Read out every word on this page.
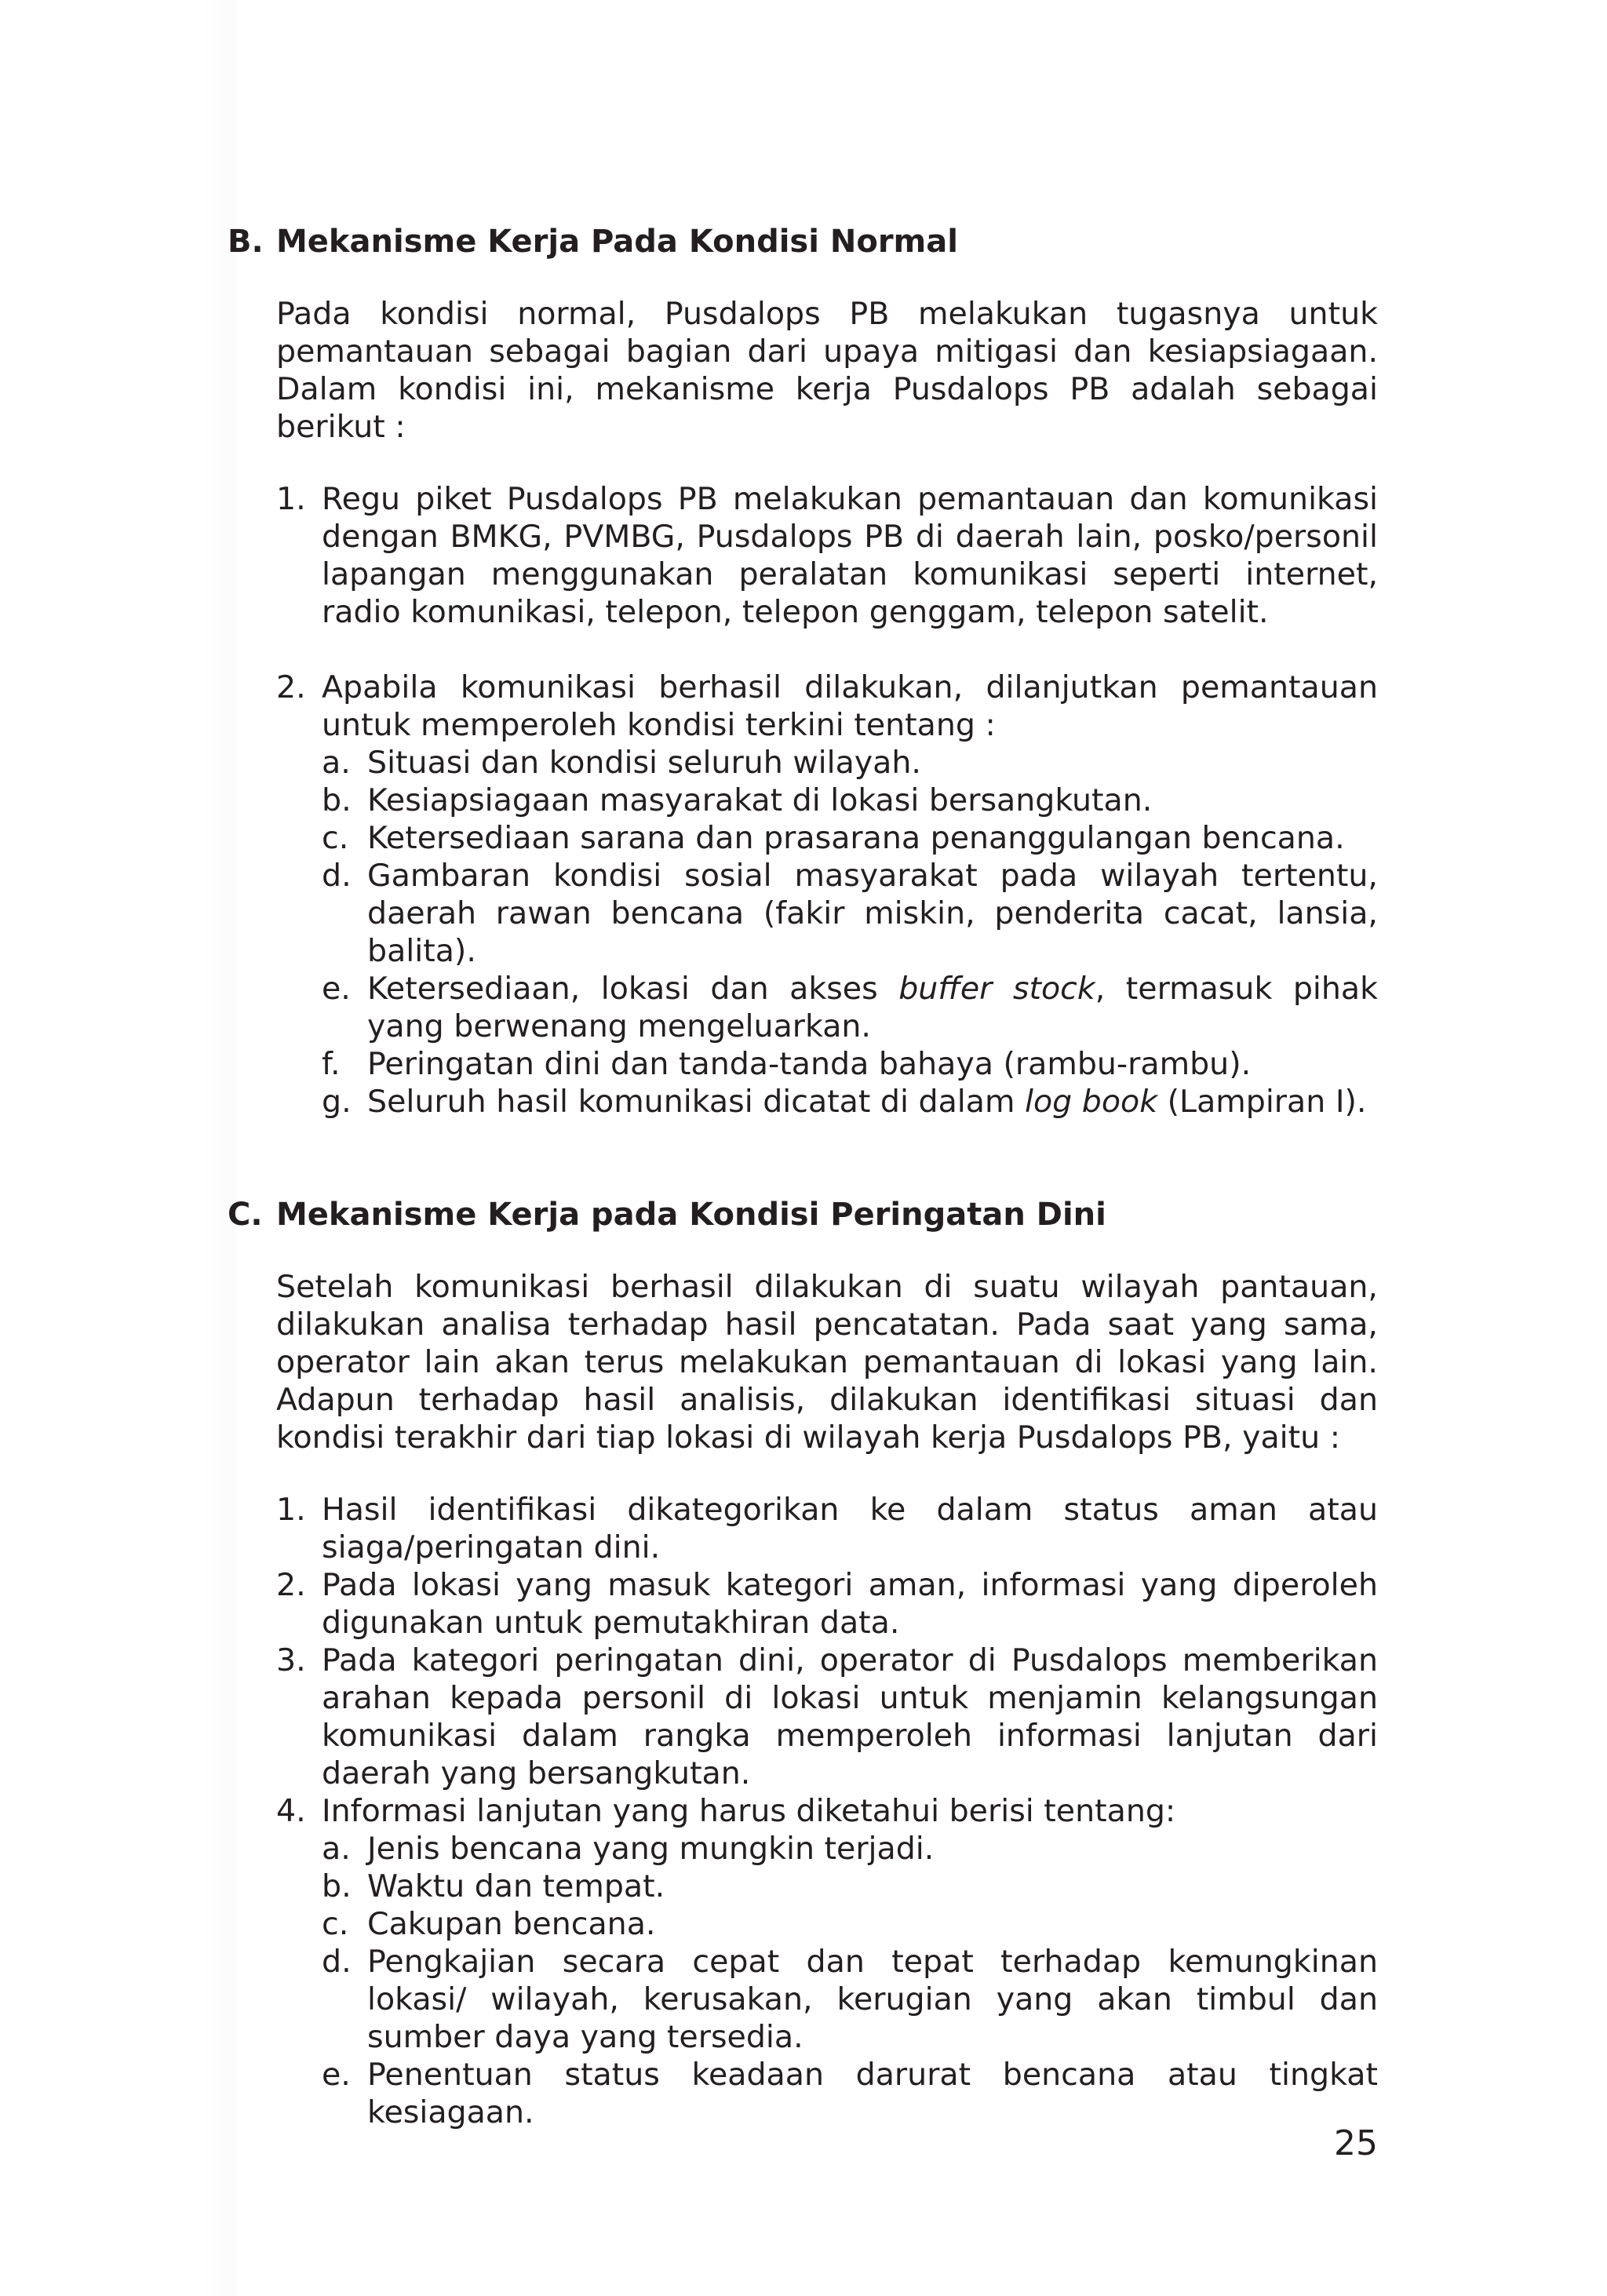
B. Mekanisme Kerja Pada Kondisi Normal

Pada kondisi normal, Pusdalops PB melakukan tugasnya untuk pemantauan sebagai bagian dari upaya mitigasi dan kesiapsiagaan. Dalam kondisi ini, mekanisme kerja Pusdalops PB adalah sebagai berikut :

1. Regu piket Pusdalops PB melakukan pemantauan dan komunikasi dengan BMKG, PVMBG, Pusdalops PB di daerah lain, posko/personil lapangan menggunakan peralatan komunikasi seperti internet, radio komunikasi, telepon, telepon genggam, telepon satelit.
2. Apabila komunikasi berhasil dilakukan, dilanjutkan pemantauan untuk memperoleh kondisi terkini tentang :
a. Situasi dan kondisi seluruh wilayah.
b. Kesiapsiagaan masyarakat di lokasi bersangkutan.
c. Ketersediaan sarana dan prasarana penanggulangan bencana.
d. Gambaran kondisi sosial masyarakat pada wilayah tertentu, daerah rawan bencana (fakir miskin, penderita cacat, lansia, balita).
e. Ketersediaan, lokasi dan akses buffer stock, termasuk pihak yang berwenang mengeluarkan.
f. Peringatan dini dan tanda-tanda bahaya (rambu-rambu).
g. Seluruh hasil komunikasi dicatat di dalam log book (Lampiran I).
C. Mekanisme Kerja pada Kondisi Peringatan Dini

Setelah komunikasi berhasil dilakukan di suatu wilayah pantauan, dilakukan analisa terhadap hasil pencatatan. Pada saat yang sama, operator lain akan terus melakukan pemantauan di lokasi yang lain. Adapun terhadap hasil analisis, dilakukan identifikasi situasi dan kondisi terakhir dari tiap lokasi di wilayah kerja Pusdalops PB, yaitu :

1. Hasil identifikasi dikategorikan ke dalam status aman atau siaga/peringatan dini.
2. Pada lokasi yang masuk kategori aman, informasi yang diperoleh digunakan untuk pemutakhiran data.
3. Pada kategori peringatan dini, operator di Pusdalops memberikan arahan kepada personil di lokasi untuk menjamin kelangsungan komunikasi dalam rangka memperoleh informasi lanjutan dari daerah yang bersangkutan.
4. Informasi lanjutan yang harus diketahui berisi tentang:
a. Jenis bencana yang mungkin terjadi.
b. Waktu dan tempat.
c. Cakupan bencana.
d. Pengkajian secara cepat dan tepat terhadap kemungkinan lokasi/ wilayah, kerusakan, kerugian yang akan timbul dan sumber daya yang tersedia.
e. Penentuan status keadaan darurat bencana atau tingkat kesiagaan.
25
